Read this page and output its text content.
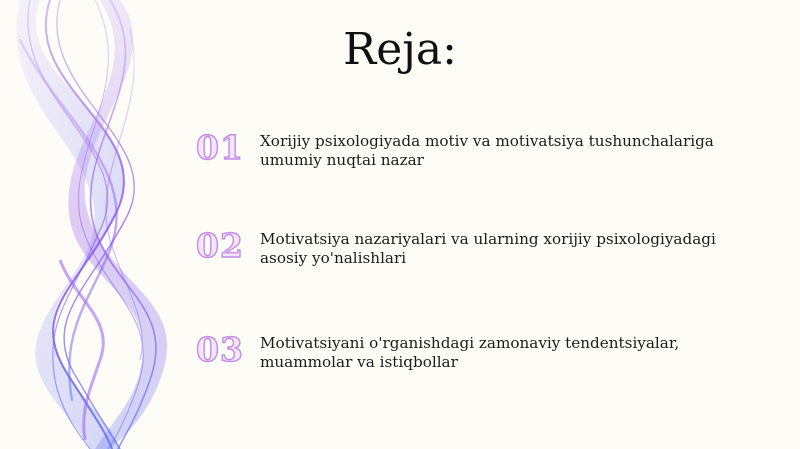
Reja:
01	Xorijiy psixologiyada motiv va motivatsiya tushunchalariga umumiy nuqtai nazar
02	Motivatsiya nazariyalari va ularning xorijiy psixologiyadagi asosiy yo'nalishlari
03	Motivatsiyani o'rganishdagi zamonaviy tendentsiyalar, muammolar va istiqbollar
